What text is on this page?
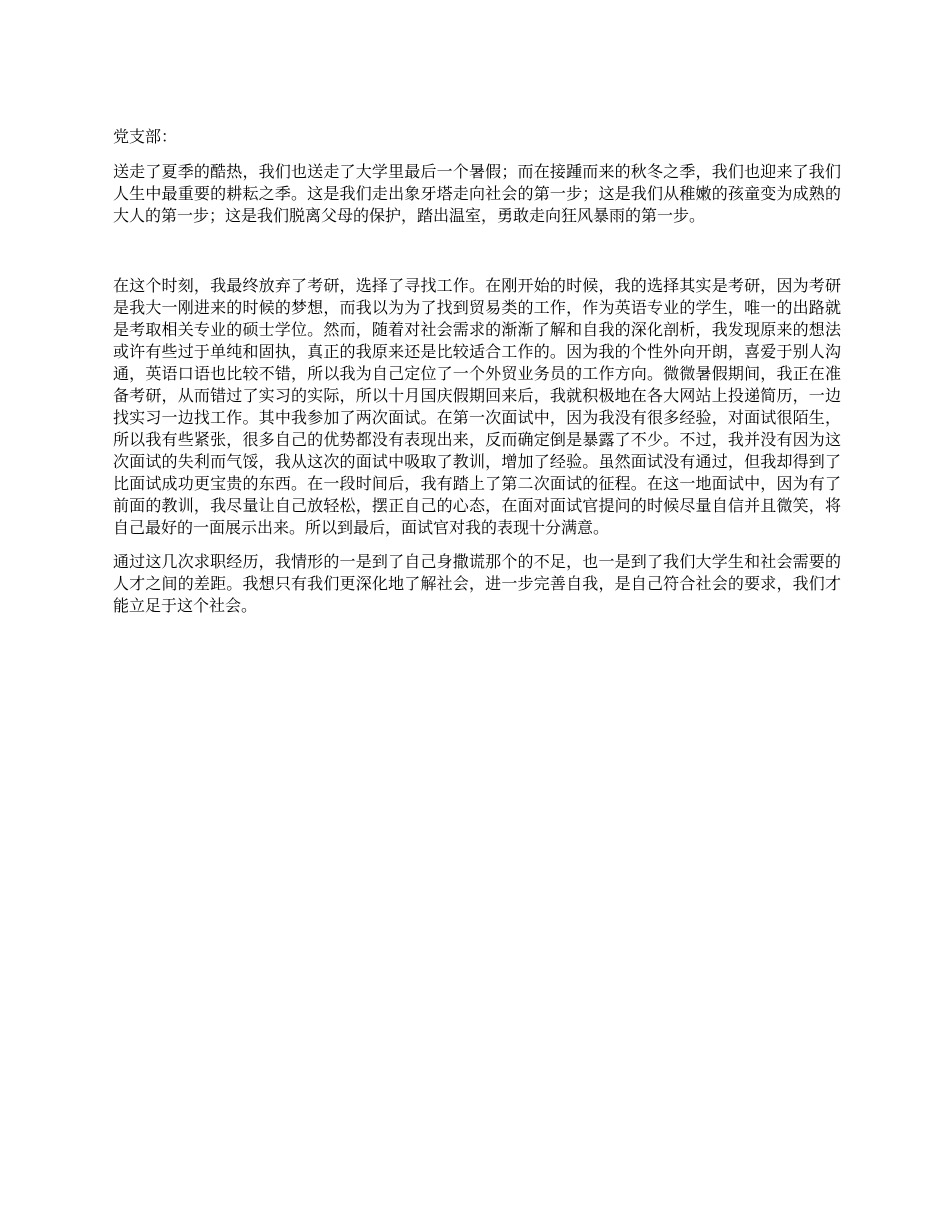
党支部：

送走了夏季的酷热，我们也送走了大学里最后一个暑假；而在接踵而来的秋冬之季，我们也迎来了我们人生中最重要的耕耘之季。这是我们走出象牙塔走向社会的第一步；这是我们从稚嫩的孩童变为成熟的大人的第一步；这是我们脱离父母的保护，踏出温室，勇敢走向狂风暴雨的第一步。

在这个时刻，我最终放弃了考研，选择了寻找工作。在刚开始的时候，我的选择其实是考研，因为考研是我大一刚进来的时候的梦想，而我以为为了找到贸易类的工作，作为英语专业的学生，唯一的出路就是考取相关专业的硕士学位。然而，随着对社会需求的渐渐了解和自我的深化剖析，我发现原来的想法或许有些过于单纯和固执，真正的我原来还是比较适合工作的。因为我的个性外向开朗，喜爱于别人沟通，英语口语也比较不错，所以我为自己定位了一个外贸业务员的工作方向。微微暑假期间，我正在准备考研，从而错过了实习的实际，所以十月国庆假期回来后，我就积极地在各大网站上投递简历，一边找实习一边找工作。其中我参加了两次面试。在第一次面试中，因为我没有很多经验，对面试很陌生，所以我有些紧张，很多自己的优势都没有表现出来，反而确定倒是暴露了不少。不过，我并没有因为这次面试的失利而气馁，我从这次的面试中吸取了教训，增加了经验。虽然面试没有通过，但我却得到了比面试成功更宝贵的东西。在一段时间后，我有踏上了第二次面试的征程。在这一地面试中，因为有了前面的教训，我尽量让自己放轻松，摆正自己的心态，在面对面试官提问的时候尽量自信并且微笑，将自己最好的一面展示出来。所以到最后，面试官对我的表现十分满意。

通过这几次求职经历，我情形的一是到了自己身撒谎那个的不足，也一是到了我们大学生和社会需要的人才之间的差距。我想只有我们更深化地了解社会，进一步完善自我，是自己符合社会的要求，我们才能立足于这个社会。
